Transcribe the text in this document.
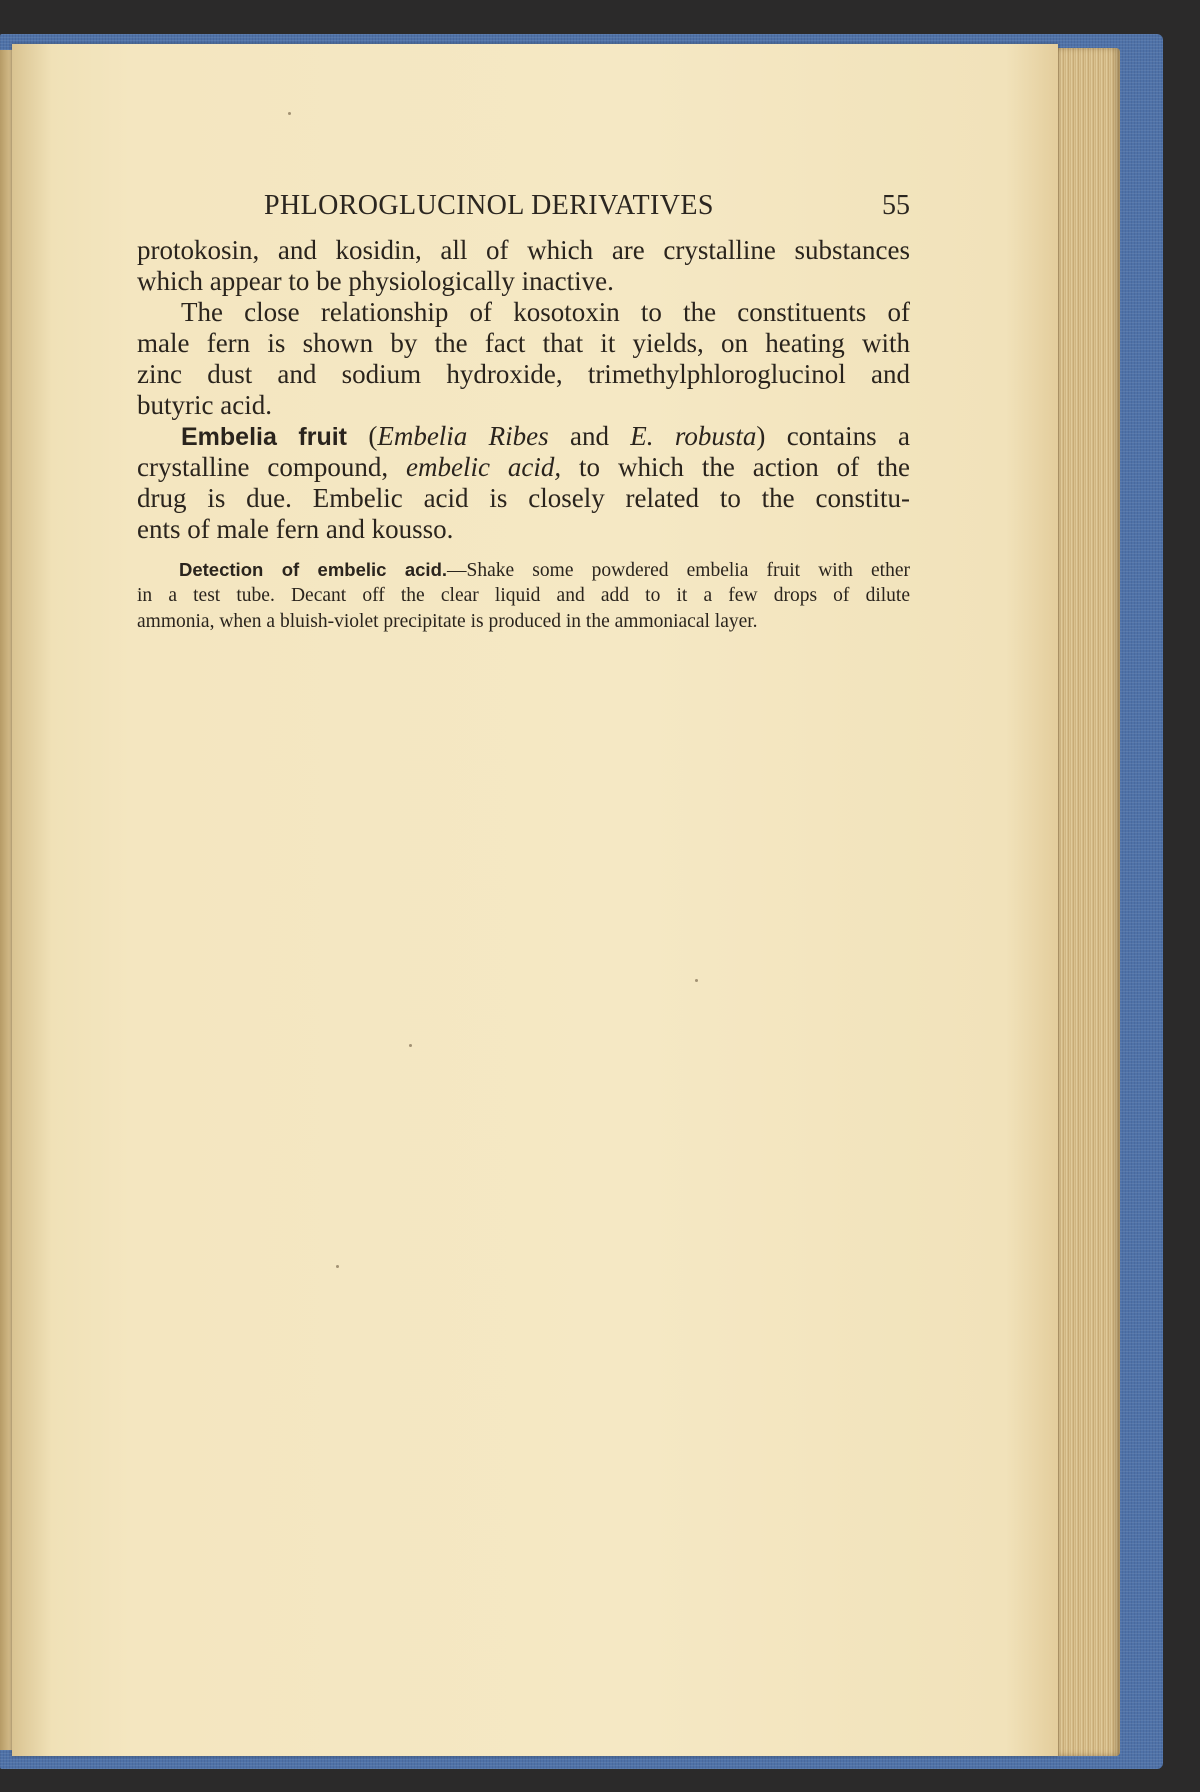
PHLOROGLUCINOL DERIVATIVES	55
protokosin, and kosidin, all of which are crystalline substances
which appear to be physiologically inactive.
The close relationship of kosotoxin to the constituents of
male fern is shown by the fact that it yields, on heating with
zinc dust and sodium hydroxide, trimethylphloroglucinol and
butyric acid.
Embelia fruit (Embelia Ribes and E. robusta) contains a
crystalline compound, embelic acid, to which the action of the
drug is due. Embelic acid is closely related to the constitu-
ents of male fern and kousso.
Detection of embelic acid.—Shake some powdered embelia fruit with ether
in a test tube. Decant off the clear liquid and add to it a few drops of dilute
ammonia, when a bluish-violet precipitate is produced in the ammoniacal layer.
